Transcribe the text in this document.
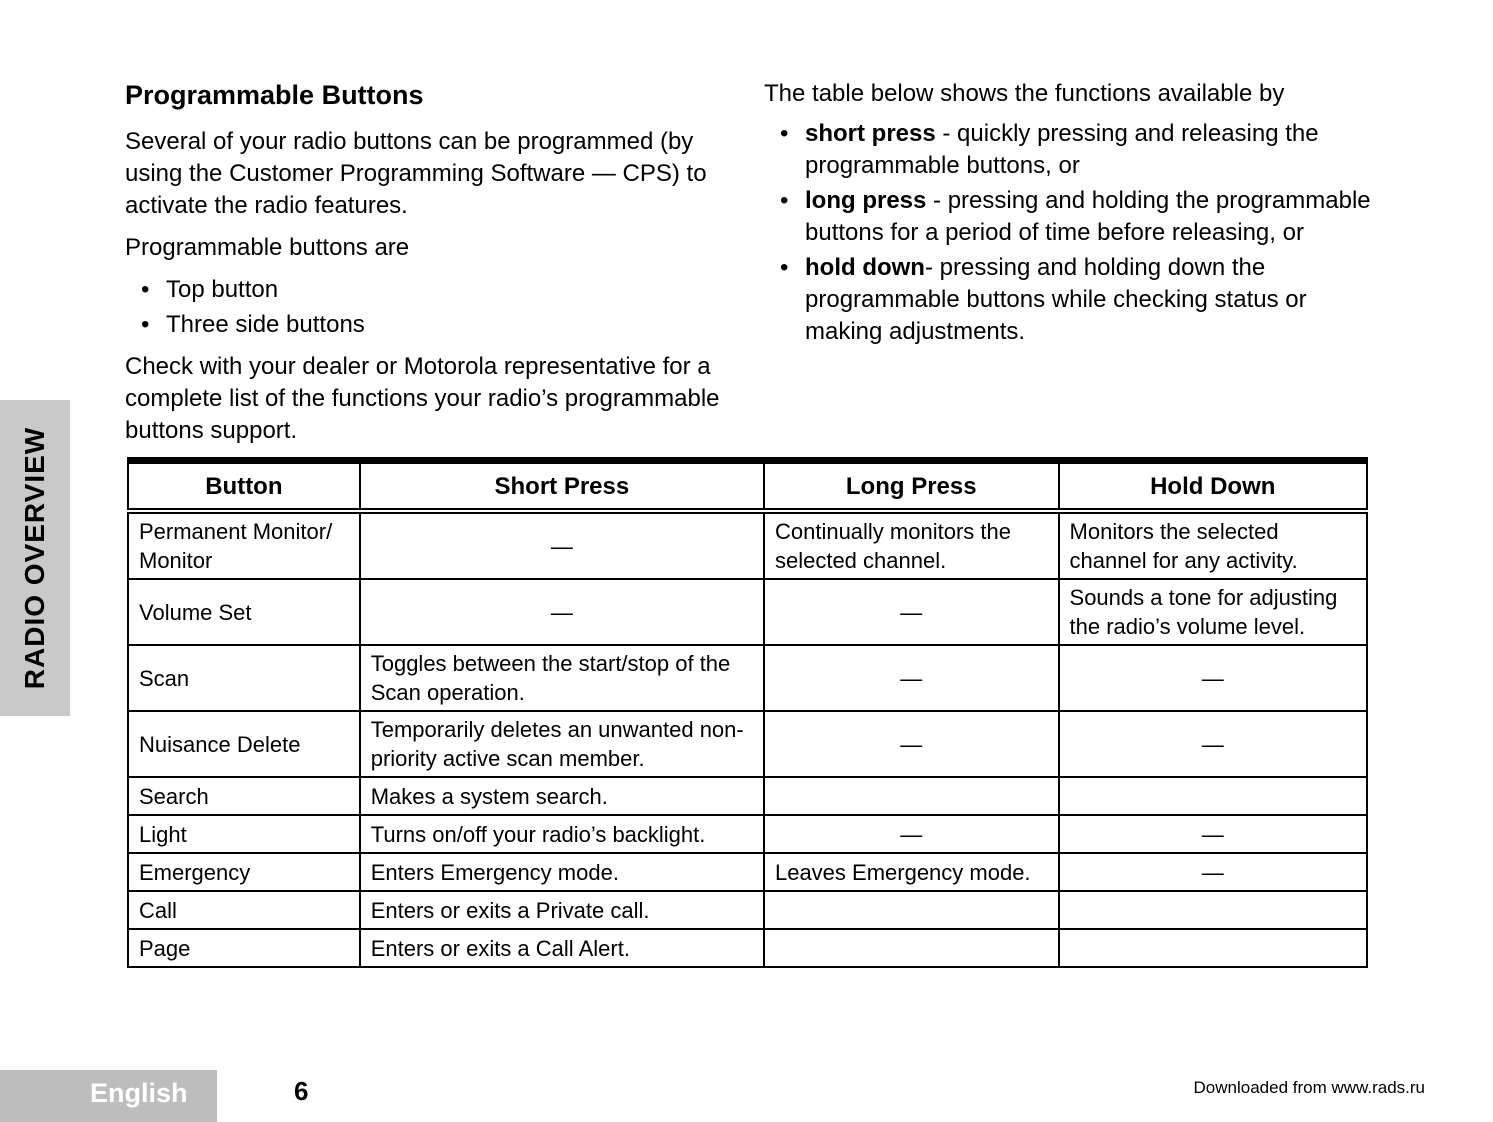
RADIO OVERVIEW
Programmable Buttons

Several of your radio buttons can be programmed (by using the Customer Programming Software — CPS) to activate the radio features.

Programmable buttons are

• Top button
• Three side buttons

Check with your dealer or Motorola representative for a complete list of the functions your radio’s programmable buttons support.

The table below shows the functions available by

• short press - quickly pressing and releasing the programmable buttons, or
• long press - pressing and holding the programmable buttons for a period of time before releasing, or
• hold down- pressing and holding down the programmable buttons while checking status or making adjustments.
Button	Short Press	Long Press	Hold Down
Permanent Monitor/ Monitor	—	Continually monitors the selected channel.	Monitors the selected channel for any activity.
Volume Set	—	—	Sounds a tone for adjusting the radio’s volume level.
Scan	Toggles between the start/stop of the Scan operation.	—	—
Nuisance Delete	Temporarily deletes an unwanted non-priority active scan member.	—	—
Search	Makes a system search.		
Light	Turns on/off your radio’s backlight.	—	—
Emergency	Enters Emergency mode.	Leaves Emergency mode.	—
Call	Enters or exits a Private call.		
Page	Enters or exits a Call Alert.		
English	6	Downloaded from www.rads.ru
